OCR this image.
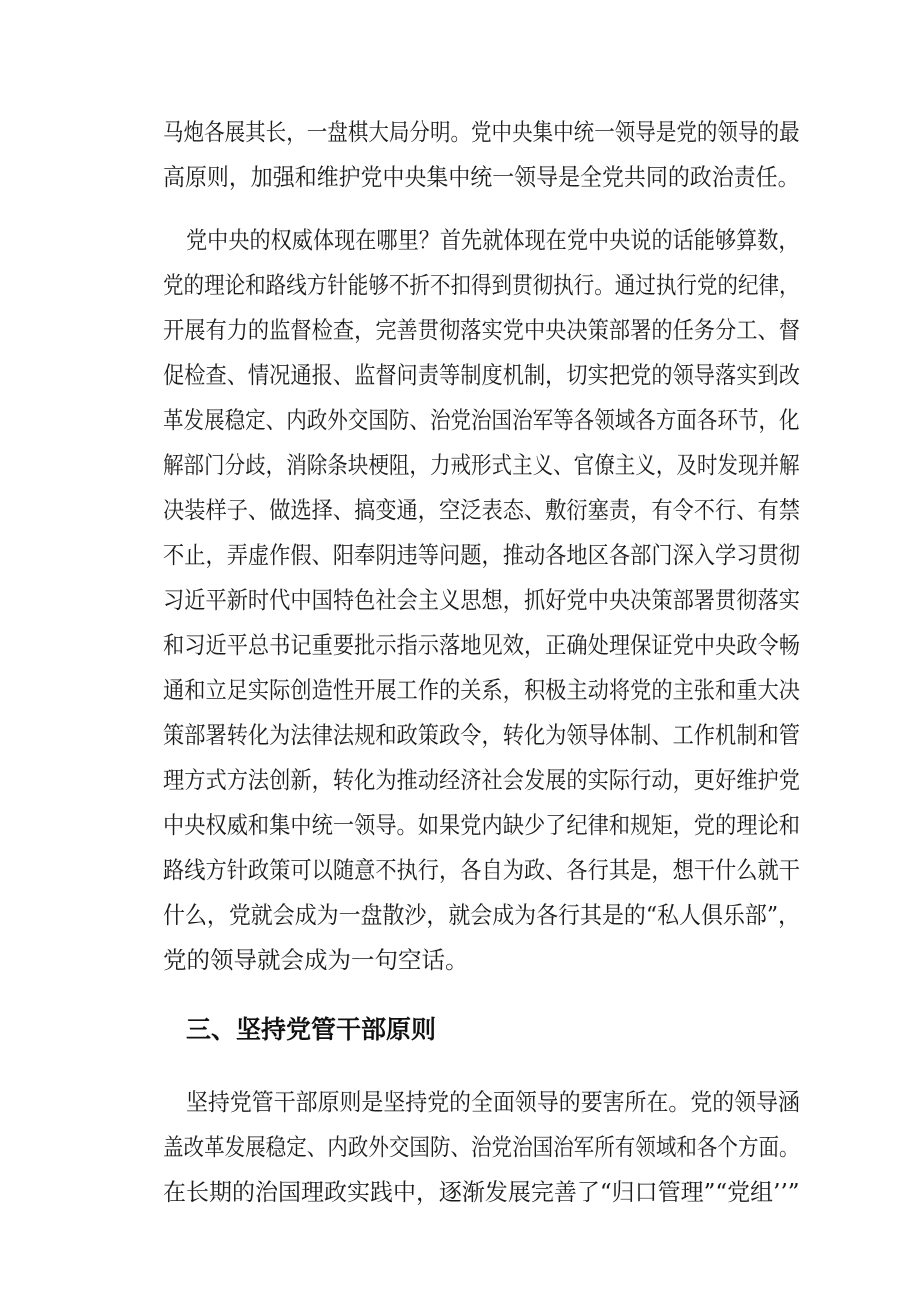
马炮各展其长，一盘棋大局分明。党中央集中统一领导是党的领导的最
高原则，加强和维护党中央集中统一领导是全党共同的政治责任。
党中央的权威体现在哪里？首先就体现在党中央说的话能够算数，
党的理论和路线方针能够不折不扣得到贯彻执行。通过执行党的纪律，
开展有力的监督检查，完善贯彻落实党中央决策部署的任务分工、督
促检查、情况通报、监督问责等制度机制，切实把党的领导落实到改
革发展稳定、内政外交国防、治党治国治军等各领域各方面各环节，化
解部门分歧，消除条块梗阻，力戒形式主义、官僚主义，及时发现并解
决装样子、做选择、搞变通，空泛表态、敷衍塞责，有令不行、有禁
不止，弄虚作假、阳奉阴违等问题，推动各地区各部门深入学习贯彻
习近平新时代中国特色社会主义思想，抓好党中央决策部署贯彻落实
和习近平总书记重要批示指示落地见效，正确处理保证党中央政令畅
通和立足实际创造性开展工作的关系，积极主动将党的主张和重大决
策部署转化为法律法规和政策政令，转化为领导体制、工作机制和管
理方式方法创新，转化为推动经济社会发展的实际行动，更好维护党
中央权威和集中统一领导。如果党内缺少了纪律和规矩，党的理论和
路线方针政策可以随意不执行，各自为政、各行其是，想干什么就干
什么，党就会成为一盘散沙，就会成为各行其是的“私人俱乐部”，
党的领导就会成为一句空话。
三、坚持党管干部原则
坚持党管干部原则是坚持党的全面领导的要害所在。党的领导涵
盖改革发展稳定、内政外交国防、治党治国治军所有领域和各个方面。
在长期的治国理政实践中，逐渐发展完善了“归口管理”“党组’’”
